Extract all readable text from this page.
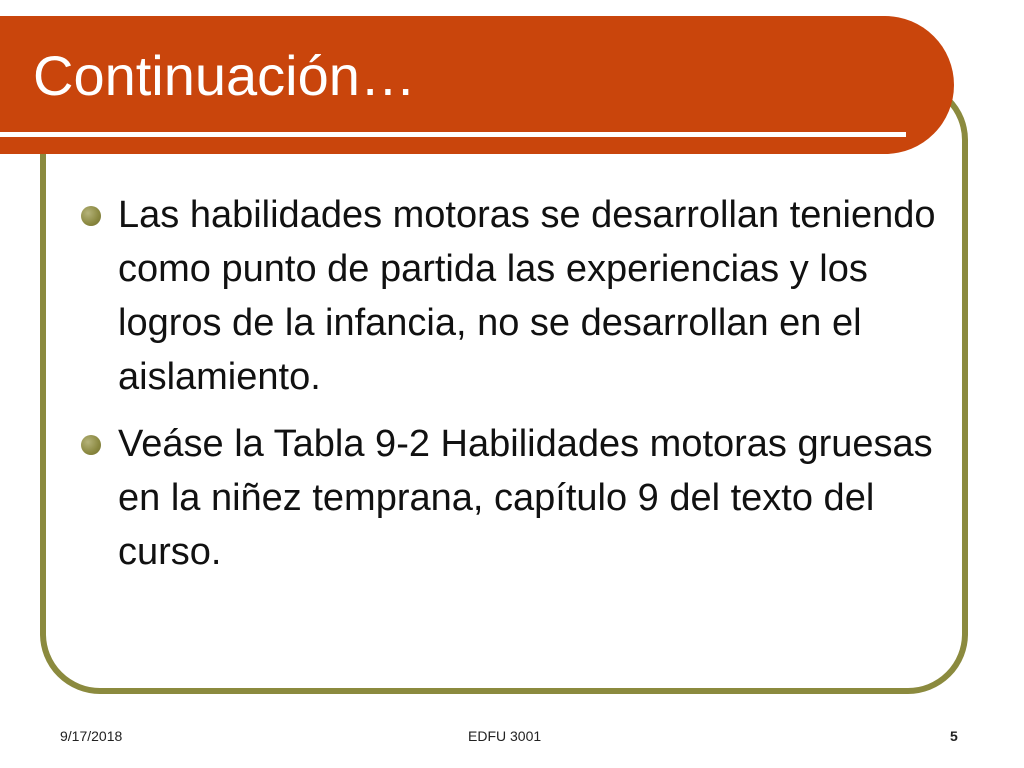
Continuación…
Las habilidades motoras se desarrollan teniendo como punto de partida las experiencias y los logros de la infancia, no se desarrollan en el aislamiento.
Veáse la Tabla 9-2 Habilidades motoras gruesas en la niñez temprana, capítulo 9 del texto del curso.
9/17/2018	EDFU 3001	5
